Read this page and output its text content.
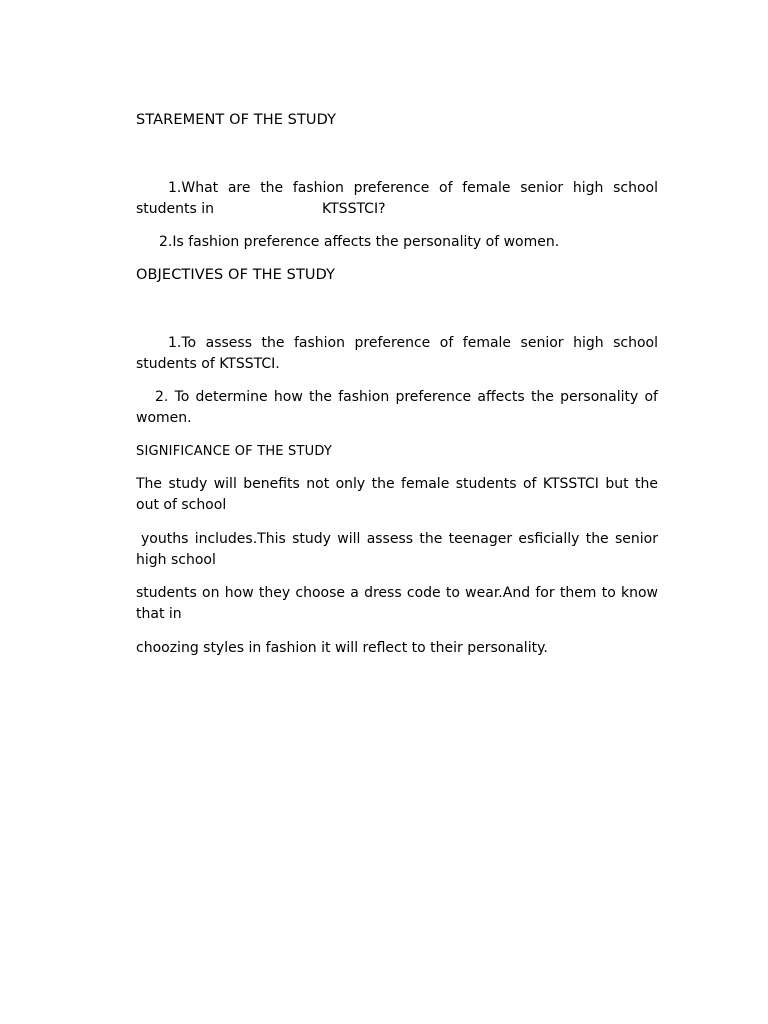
STAREMENT OF THE STUDY
1.What are the fashion preference of female senior high school students in	KTSSTCI?
2.Is fashion preference affects the personality of women.
OBJECTIVES OF THE STUDY
1.To assess the fashion preference of female senior high school students of KTSSTCI.
2. To determine how the fashion preference affects the personality of women.
SIGNIFICANCE OF THE STUDY
The study will benefits not only the female students of KTSSTCI but the out of school
youths includes.This study will assess the teenager esficially the senior high school
students on how they choose a dress code to wear.And for them to know that in
choozing styles in fashion it will reflect to their personality.
